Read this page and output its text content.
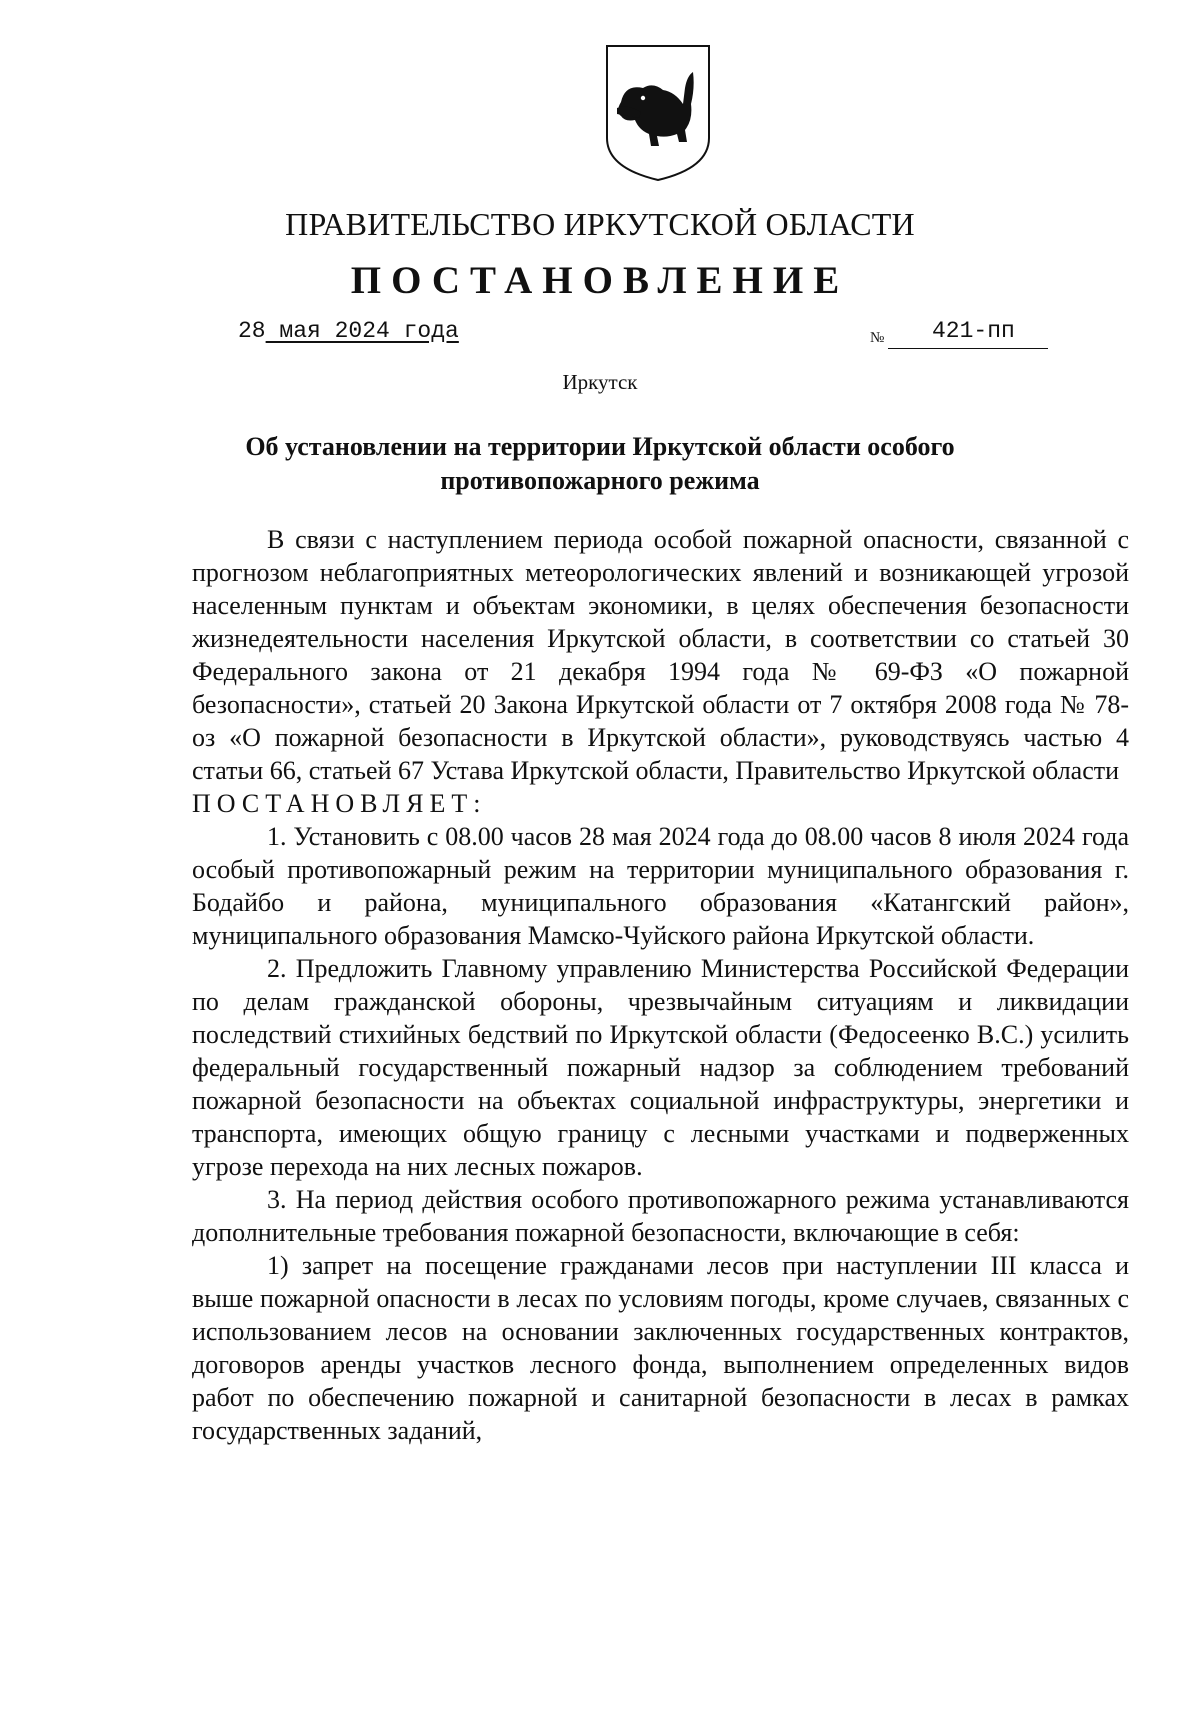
ПРАВИТЕЛЬСТВО ИРКУТСКОЙ ОБЛАСТИ
ПОСТАНОВЛЕНИЕ
28 мая 2024 года	№ 421-пп
Иркутск
Об установлении на территории Иркутской области особого
противопожарного режима

В связи с наступлением периода особой пожарной опасности, связанной с прогнозом неблагоприятных метеорологических явлений и возникающей угрозой населенным пунктам и объектам экономики, в целях обеспечения безопасности жизнедеятельности населения Иркутской области, в соответствии со статьей 30 Федерального закона от 21 декабря 1994 года № 69-ФЗ «О пожарной безопасности», статьей 20 Закона Иркутской области от 7 октября 2008 года № 78-оз «О пожарной безопасности в Иркутской области», руководствуясь частью 4 статьи 66, статьей 67 Устава Иркутской области, Правительство Иркутской области

ПОСТАНОВЛЯЕТ:

1. Установить с 08.00 часов 28 мая 2024 года до 08.00 часов 8 июля 2024 года особый противопожарный режим на территории муниципального образования г. Бодайбо и района, муниципального образования «Катангский район», муниципального образования Мамско-Чуйского района Иркутской области.

2. Предложить Главному управлению Министерства Российской Федерации по делам гражданской обороны, чрезвычайным ситуациям и ликвидации последствий стихийных бедствий по Иркутской области (Федосеенко В.С.) усилить федеральный государственный пожарный надзор за соблюдением требований пожарной безопасности на объектах социальной инфраструктуры, энергетики и транспорта, имеющих общую границу с лесными участками и подверженных угрозе перехода на них лесных пожаров.

3. На период действия особого противопожарного режима устанавливаются дополнительные требования пожарной безопасности, включающие в себя:

1) запрет на посещение гражданами лесов при наступлении III класса и выше пожарной опасности в лесах по условиям погоды, кроме случаев, связанных с использованием лесов на основании заключенных государственных контрактов, договоров аренды участков лесного фонда, выполнением определенных видов работ по обеспечению пожарной и санитарной безопасности в лесах в рамках государственных заданий,
